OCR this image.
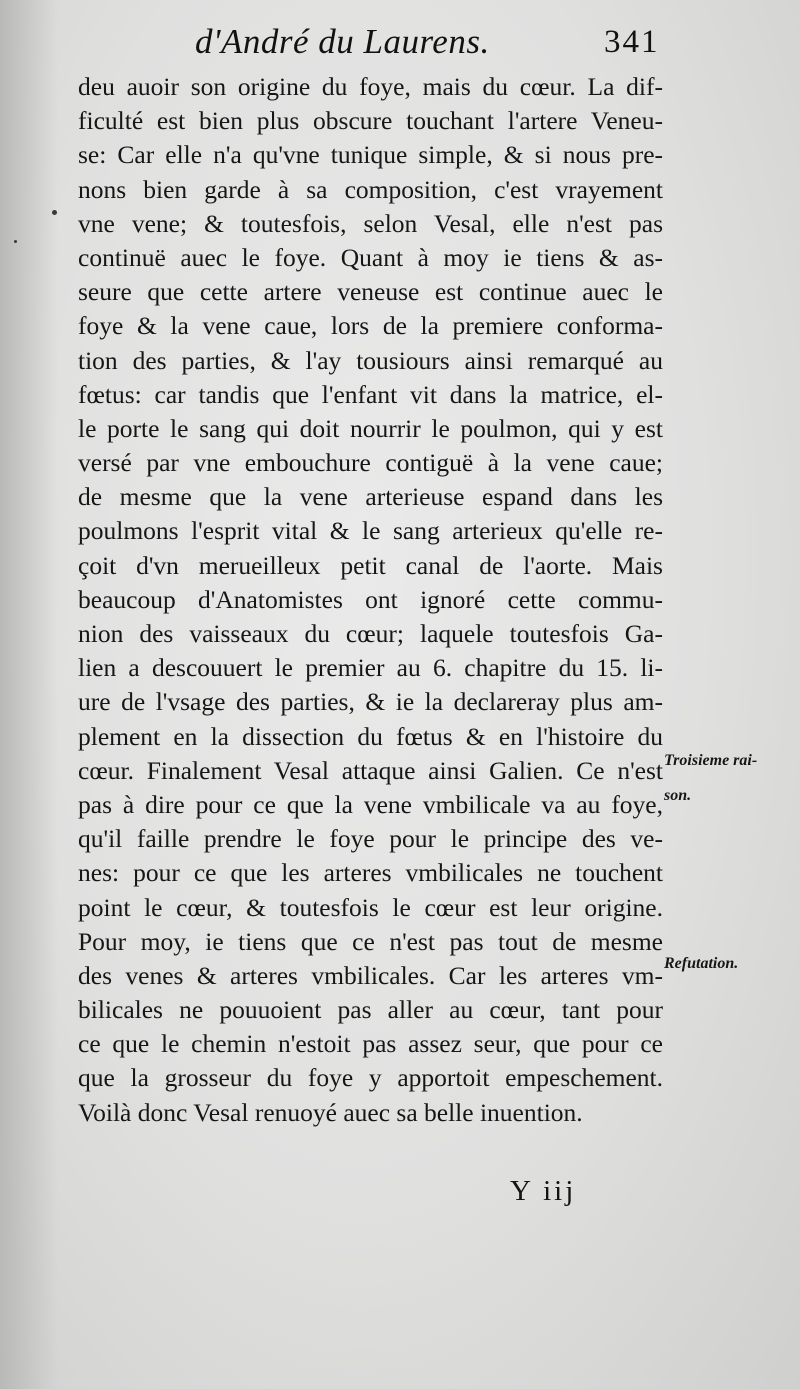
d'André du Laurens.	341
deu auoir son origine du foye, mais du cœur. La dif-
ficulté est bien plus obscure touchant l'artere Veneu-
se: Car elle n'a qu'vne tunique simple, & si nous pre-
nons bien garde à sa composition, c'est vrayement
vne vene; & toutesfois, selon Vesal, elle n'est pas
continuë auec le foye. Quant à moy ie tiens & as-
seure que cette artere veneuse est continue auec le
foye & la vene caue, lors de la premiere conforma-
tion des parties, & l'ay tousiours ainsi remarqué au
fœtus: car tandis que l'enfant vit dans la matrice, el-
le porte le sang qui doit nourrir le poulmon, qui y est
versé par vne embouchure contiguë à la vene caue;
de mesme que la vene arterieuse espand dans les
poulmons l'esprit vital & le sang arterieux qu'elle re-
çoit d'vn merueilleux petit canal de l'aorte. Mais
beaucoup d'Anatomistes ont ignoré cette commu-
nion des vaisseaux du cœur; laquele toutesfois Ga-
lien a descouuert le premier au 6. chapitre du 15. li-
ure de l'vsage des parties, & ie la declareray plus am-
plement en la dissection du fœtus & en l'histoire du
cœur. Finalement Vesal attaque ainsi Galien. Ce n'est
pas à dire pour ce que la vene vmbilicale va au foye,
qu'il faille prendre le foye pour le principe des ve-
nes: pour ce que les arteres vmbilicales ne touchent
point le cœur, & toutesfois le cœur est leur origine.
Pour moy, ie tiens que ce n'est pas tout de mesme
des venes & arteres vmbilicales. Car les arteres vm-
bilicales ne pouuoient pas aller au cœur, tant pour
ce que le chemin n'estoit pas assez seur, que pour ce
que la grosseur du foye y apportoit empeschement.
Voilà donc Vesal renuoyé auec sa belle inuention.
Troisieme rai-
son.
Refutation.
Y iij
